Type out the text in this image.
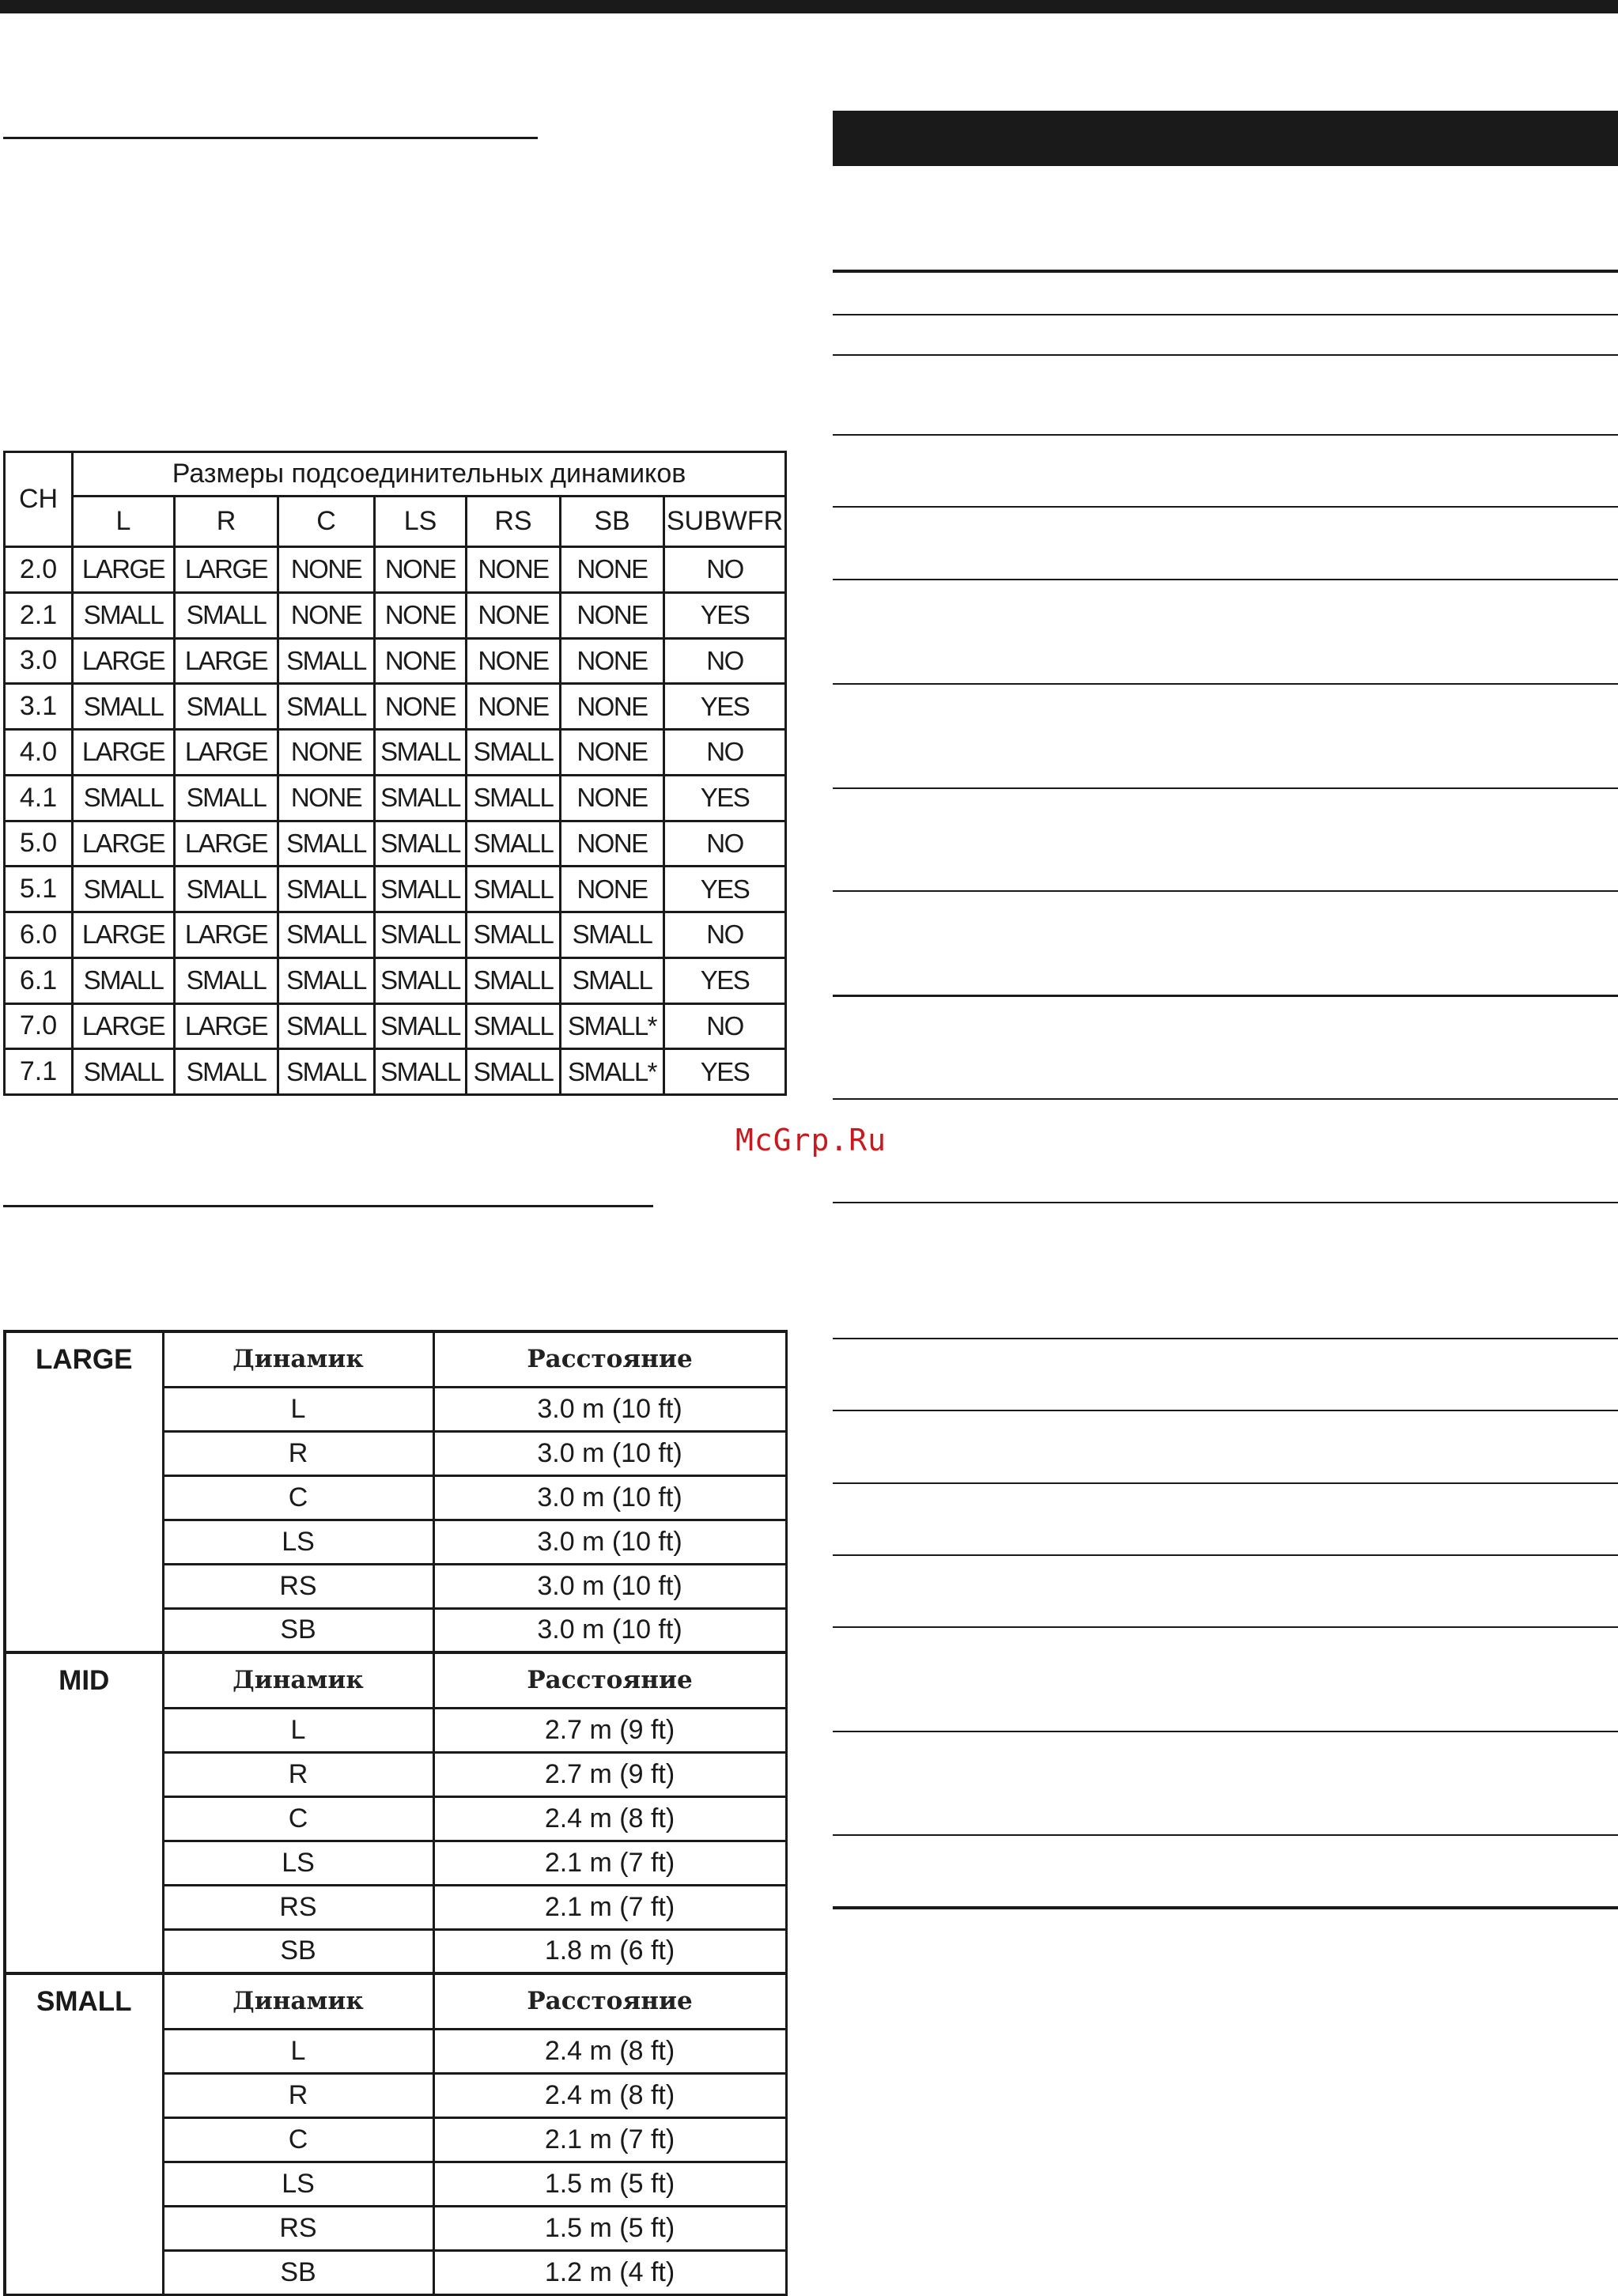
McGrp.Ru
CH	Размеры подсоединительных динамиков						
	L	R	C	LS	RS	SB	SUBWFR
2.0	LARGE	LARGE	NONE	NONE	NONE	NONE	NO
2.1	SMALL	SMALL	NONE	NONE	NONE	NONE	YES
3.0	LARGE	LARGE	SMALL	NONE	NONE	NONE	NO
3.1	SMALL	SMALL	SMALL	NONE	NONE	NONE	YES
4.0	LARGE	LARGE	NONE	SMALL	SMALL	NONE	NO
4.1	SMALL	SMALL	NONE	SMALL	SMALL	NONE	YES
5.0	LARGE	LARGE	SMALL	SMALL	SMALL	NONE	NO
5.1	SMALL	SMALL	SMALL	SMALL	SMALL	NONE	YES
6.0	LARGE	LARGE	SMALL	SMALL	SMALL	SMALL	NO
6.1	SMALL	SMALL	SMALL	SMALL	SMALL	SMALL	YES
7.0	LARGE	LARGE	SMALL	SMALL	SMALL	SMALL*	NO
7.1	SMALL	SMALL	SMALL	SMALL	SMALL	SMALL*	YES
LARGE	Динамик	Расстояние
	L	3.0 m (10 ft)
	R	3.0 m (10 ft)
	C	3.0 m (10 ft)
	LS	3.0 m (10 ft)
	RS	3.0 m (10 ft)
	SB	3.0 m (10 ft)
MID	Динамик	Расстояние
	L	2.7 m (9 ft)
	R	2.7 m (9 ft)
	C	2.4 m (8 ft)
	LS	2.1 m (7 ft)
	RS	2.1 m (7 ft)
	SB	1.8 m (6 ft)
SMALL	Динамик	Расстояние
	L	2.4 m (8 ft)
	R	2.4 m (8 ft)
	C	2.1 m (7 ft)
	LS	1.5 m (5 ft)
	RS	1.5 m (5 ft)
	SB	1.2 m (4 ft)
